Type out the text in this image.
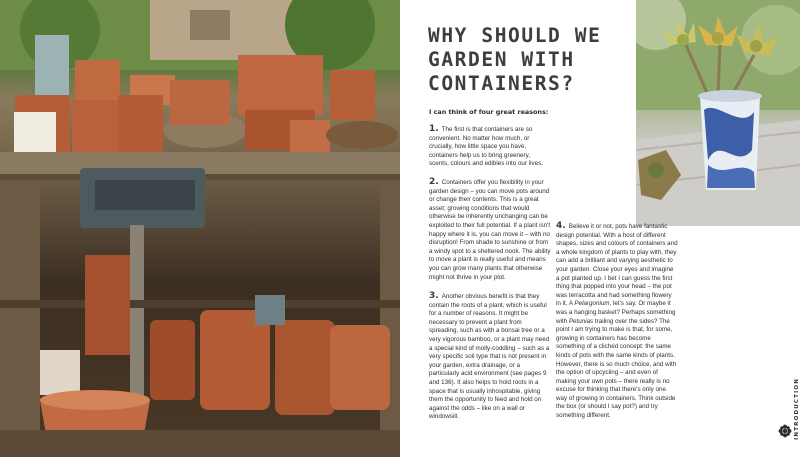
WHY SHOULD WE GARDEN WITH CONTAINERS?

I can think of four great reasons:

1. The first is that containers are so convenient. No matter how much, or crucially, how little space you have, containers help us to bring greenery, scents, colours and edibles into our lives.

2. Containers offer you flexibility in your garden design – you can move pots around or change their contents. This is a great asset; growing conditions that would otherwise be inherently unchanging can be exploited to their full potential. If a plant isn't happy where it is, you can move it – with no disruption! From shade to sunshine or from a windy spot to a sheltered nook. The ability to move a plant is really useful and means you can grow many plants that otherwise might not thrive in your plot.

3. Another obvious benefit is that they contain the roots of a plant, which is useful for a number of reasons. It might be necessary to prevent a plant from spreading, such as with a bonsai tree or a very vigorous bamboo, or a plant may need a special kind of molly-coddling – such as a very specific soil type that is not present in your garden, extra drainage, or a particularly acid environment (see pages 9 and 136). It also helps to hold roots in a space that is usually inhospitable, giving them the opportunity to feed and hold on against the odds – like on a wall or windowsill.

4. Believe it or not, pots have fantastic design potential. With a host of different shapes, sizes and colours of containers and a whole kingdom of plants to play with, they can add a brilliant and varying aesthetic to your garden. Close your eyes and imagine a pot planted up. I bet I can guess the first thing that popped into your head – the pot was terracotta and had something flowery in it. A Pelargonium, let's say. Or maybe it was a hanging basket? Perhaps something with Petunias trailing over the sides? The point I am trying to make is that, for some, growing in containers has become something of a clichéd concept: the same kinds of pots with the same kinds of plants. However, there is so much choice, and with the option of upcycling – and even of making your own pots – there really is no excuse for thinking that there's only one way of growing in containers. Think outside the box (or should I say pot?) and try something different.	INTRODUCTION
